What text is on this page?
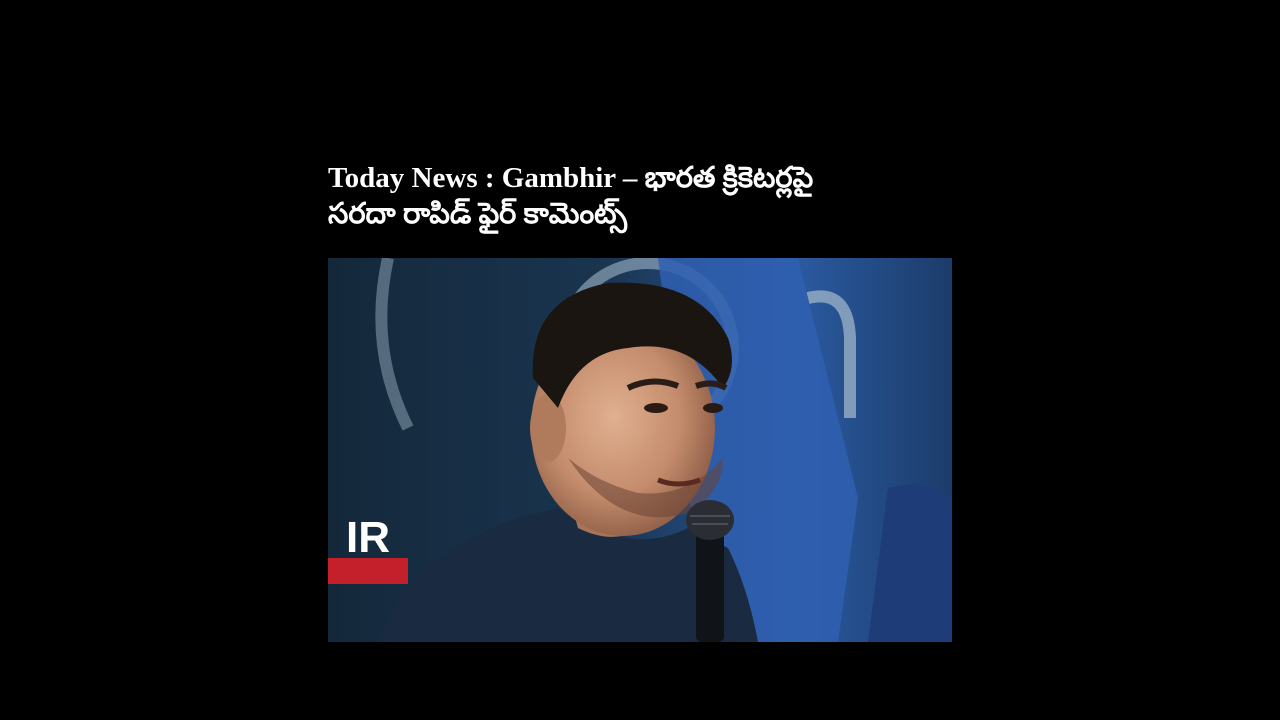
Today News : Gambhir – భారత క్రికెటర్లపై
సరదా రాపిడ్ ఫైర్ కామెంట్స్
IR
